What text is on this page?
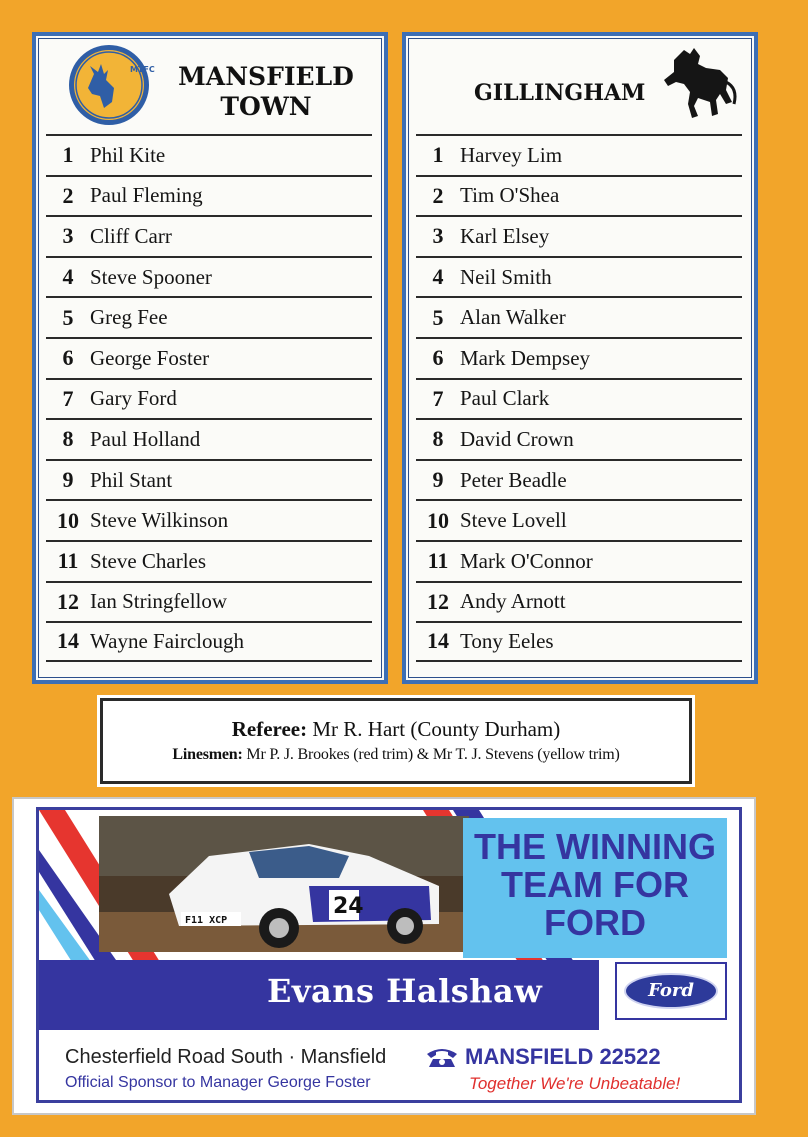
MTFC MANSFIELD
TOWN
1 Phil Kite
2 Paul Fleming
3 Cliff Carr
4 Steve Spooner
5 Greg Fee
6 George Foster
7 Gary Ford
8 Paul Holland
9 Phil Stant
10 Steve Wilkinson
11 Steve Charles
12 Ian Stringfellow
14 Wayne Fairclough
GILLINGHAM
1 Harvey Lim
2 Tim O'Shea
3 Karl Elsey
4 Neil Smith
5 Alan Walker
6 Mark Dempsey
7 Paul Clark
8 David Crown
9 Peter Beadle
10 Steve Lovell
11 Mark O'Connor
12 Andy Arnott
14 Tony Eeles
Referee: Mr R. Hart (County Durham)
Linesmen: Mr P. J. Brookes (red trim) & Mr T. J. Stevens (yellow trim)
24
F11 XCP
THE WINNING
TEAM FOR
FORD
Evans Halshaw	Ford
Chesterfield Road South · Mansfield	MANSFIELD 22522
Official Sponsor to Manager George Foster	Together We're Unbeatable!
